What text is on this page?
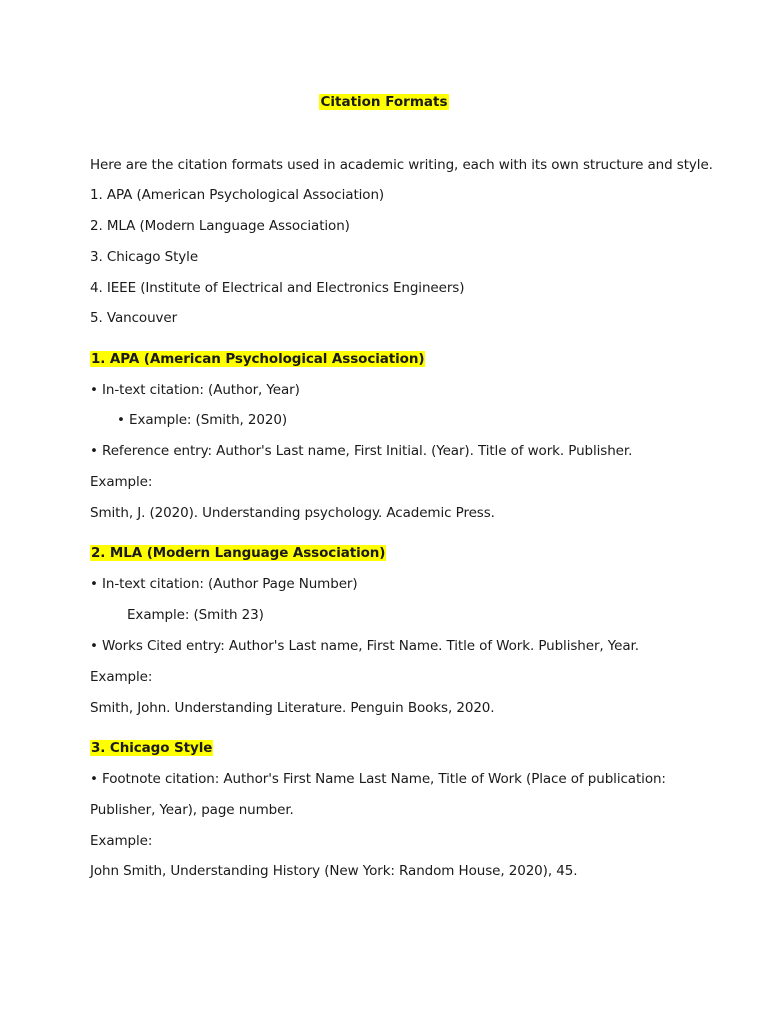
Citation Formats
Here are the citation formats used in academic writing, each with its own structure and style.
1. APA (American Psychological Association)
2. MLA (Modern Language Association)
3. Chicago Style
4. IEEE (Institute of Electrical and Electronics Engineers)
5. Vancouver
1. APA (American Psychological Association)
• In-text citation: (Author, Year)
• Example: (Smith, 2020)
• Reference entry: Author's Last name, First Initial. (Year). Title of work. Publisher.
Example:
Smith, J. (2020). Understanding psychology. Academic Press.
2. MLA (Modern Language Association)
• In-text citation: (Author Page Number)
Example: (Smith 23)
• Works Cited entry: Author's Last name, First Name. Title of Work. Publisher, Year.
Example:
Smith, John. Understanding Literature. Penguin Books, 2020.
3. Chicago Style
• Footnote citation: Author's First Name Last Name, Title of Work (Place of publication:
Publisher, Year), page number.
Example:
John Smith, Understanding History (New York: Random House, 2020), 45.
